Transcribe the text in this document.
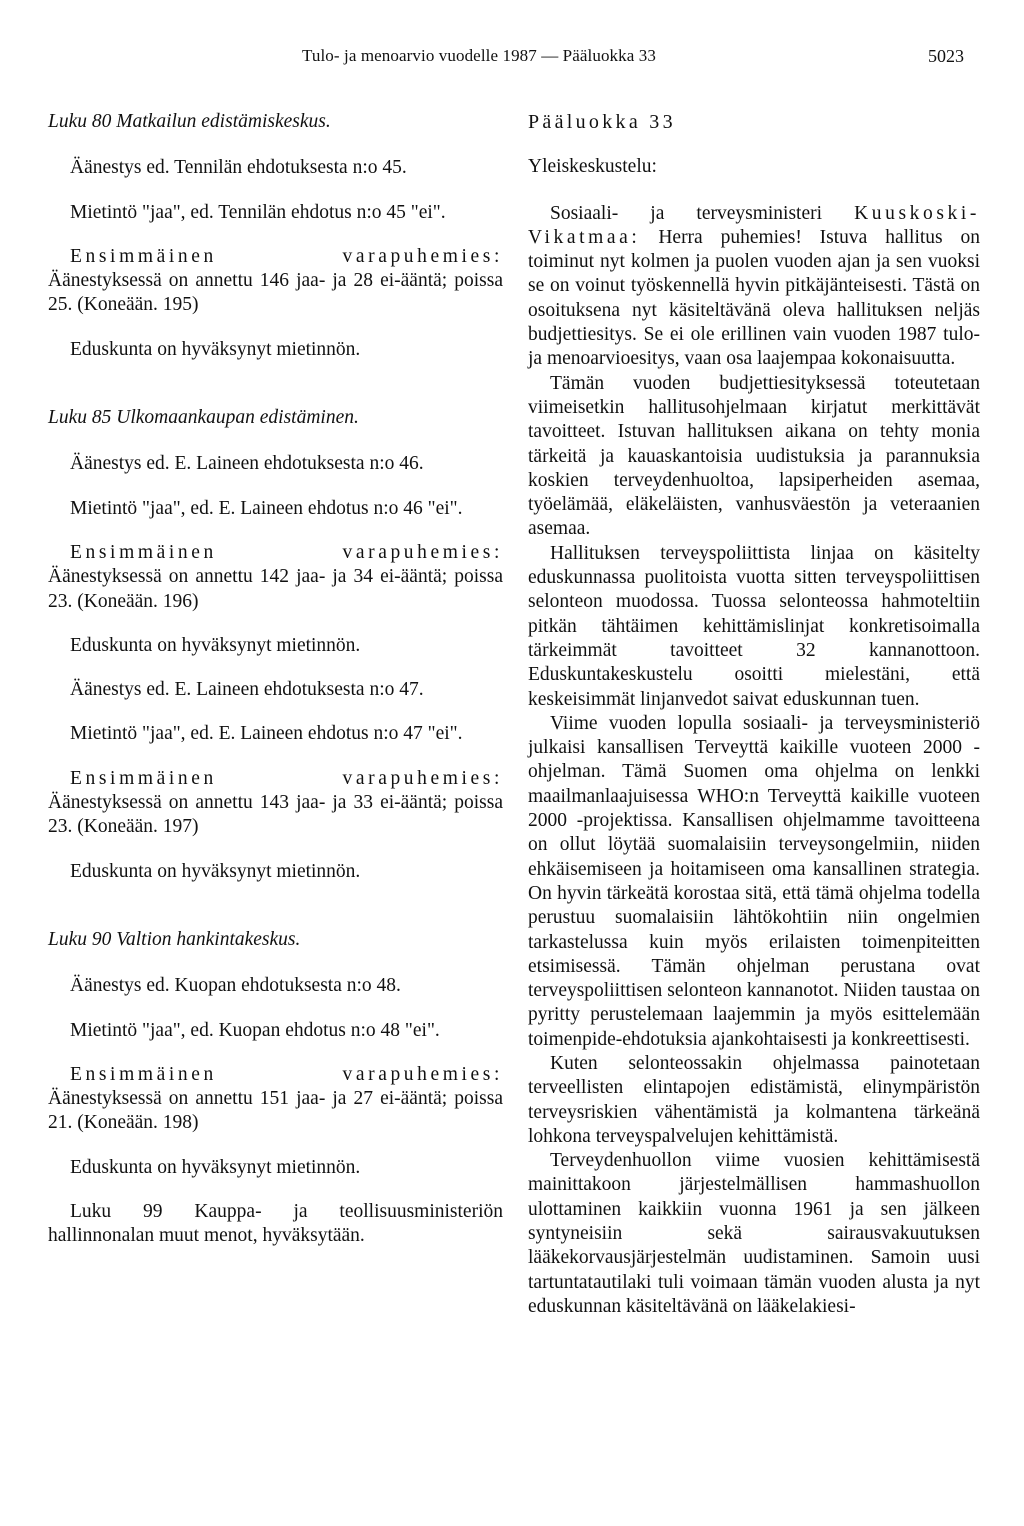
Tulo- ja menoarvio vuodelle 1987 — Pääluokka 33	5023

Luku 80 Matkailun edistämiskeskus.

Äänestys ed. Tennilän ehdotuksesta n:o 45.

Mietintö "jaa", ed. Tennilän ehdotus n:o 45 "ei".

Ensimmäinen varapuhemies: Äänestyksessä on annettu 146 jaa- ja 28 ei-ääntä; poissa 25. (Koneään. 195)

Eduskunta on hyväksynyt mietinnön.

Luku 85 Ulkomaankaupan edistäminen.

Äänestys ed. E. Laineen ehdotuksesta n:o 46.

Mietintö "jaa", ed. E. Laineen ehdotus n:o 46 "ei".

Ensimmäinen varapuhemies: Äänestyksessä on annettu 142 jaa- ja 34 ei-ääntä; poissa 23. (Koneään. 196)

Eduskunta on hyväksynyt mietinnön.

Äänestys ed. E. Laineen ehdotuksesta n:o 47.

Mietintö "jaa", ed. E. Laineen ehdotus n:o 47 "ei".

Ensimmäinen varapuhemies: Äänestyksessä on annettu 143 jaa- ja 33 ei-ääntä; poissa 23. (Koneään. 197)

Eduskunta on hyväksynyt mietinnön.

Luku 90 Valtion hankintakeskus.

Äänestys ed. Kuopan ehdotuksesta n:o 48.

Mietintö "jaa", ed. Kuopan ehdotus n:o 48 "ei".

Ensimmäinen varapuhemies: Äänestyksessä on annettu 151 jaa- ja 27 ei-ääntä; poissa 21. (Koneään. 198)

Eduskunta on hyväksynyt mietinnön.

Luku 99 Kauppa- ja teollisuusministeriön hallinnonalan muut menot, hyväksytään.

Pääluokka 33

Yleiskeskustelu:

Sosiaali- ja terveysministeri Kuuskoski-Vikatmaa: Herra puhemies! Istuva hallitus on toiminut nyt kolmen ja puolen vuoden ajan ja sen vuoksi se on voinut työskennellä hyvin pitkäjänteisesti. Tästä on osoituksena nyt käsiteltävänä oleva hallituksen neljäs budjettiesitys. Se ei ole erillinen vain vuoden 1987 tulo- ja menoarvioesitys, vaan osa laajempaa kokonaisuutta.

Tämän vuoden budjettiesityksessä toteutetaan viimeisetkin hallitusohjelmaan kirjatut merkittävät tavoitteet. Istuvan hallituksen aikana on tehty monia tärkeitä ja kauaskantoisia uudistuksia ja parannuksia koskien terveydenhuoltoa, lapsiperheiden asemaa, työelämää, eläkeläisten, vanhusväestön ja veteraanien asemaa.

Hallituksen terveyspoliittista linjaa on käsitelty eduskunnassa puolitoista vuotta sitten terveyspoliittisen selonteon muodossa. Tuossa selonteossa hahmoteltiin pitkän tähtäimen kehittämislinjat konkretisoimalla tärkeimmät tavoitteet 32 kannanottoon. Eduskuntakeskustelu osoitti mielestäni, että keskeisimmät linjanvedot saivat eduskunnan tuen.

Viime vuoden lopulla sosiaali- ja terveysministeriö julkaisi kansallisen Terveyttä kaikille vuoteen 2000 -ohjelman. Tämä Suomen oma ohjelma on lenkki maailmanlaajuisessa WHO:n Terveyttä kaikille vuoteen 2000 -projektissa. Kansallisen ohjelmamme tavoitteena on ollut löytää suomalaisiin terveysongelmiin, niiden ehkäisemiseen ja hoitamiseen oma kansallinen strategia. On hyvin tärkeätä korostaa sitä, että tämä ohjelma todella perustuu suomalaisiin lähtökohtiin niin ongelmien tarkastelussa kuin myös erilaisten toimenpiteitten etsimisessä. Tämän ohjelman perustana ovat terveyspoliittisen selonteon kannanotot. Niiden taustaa on pyritty perustelemaan laajemmin ja myös esittelemään toimenpide-ehdotuksia ajankohtaisesti ja konkreettisesti.

Kuten selonteossakin ohjelmassa painotetaan terveellisten elintapojen edistämistä, elinympäristön terveysriskien vähentämistä ja kolmantena tärkeänä lohkona terveyspalvelujen kehittämistä.

Terveydenhuollon viime vuosien kehittämisestä mainittakoon järjestelmällisen hammashuollon ulottaminen kaikkiin vuonna 1961 ja sen jälkeen syntyneisiin sekä sairausvakuutuksen lääkekorvausjärjestelmän uudistaminen. Samoin uusi tartuntatautilaki tuli voimaan tämän vuoden alusta ja nyt eduskunnan käsiteltävänä on lääkelakiesi-
